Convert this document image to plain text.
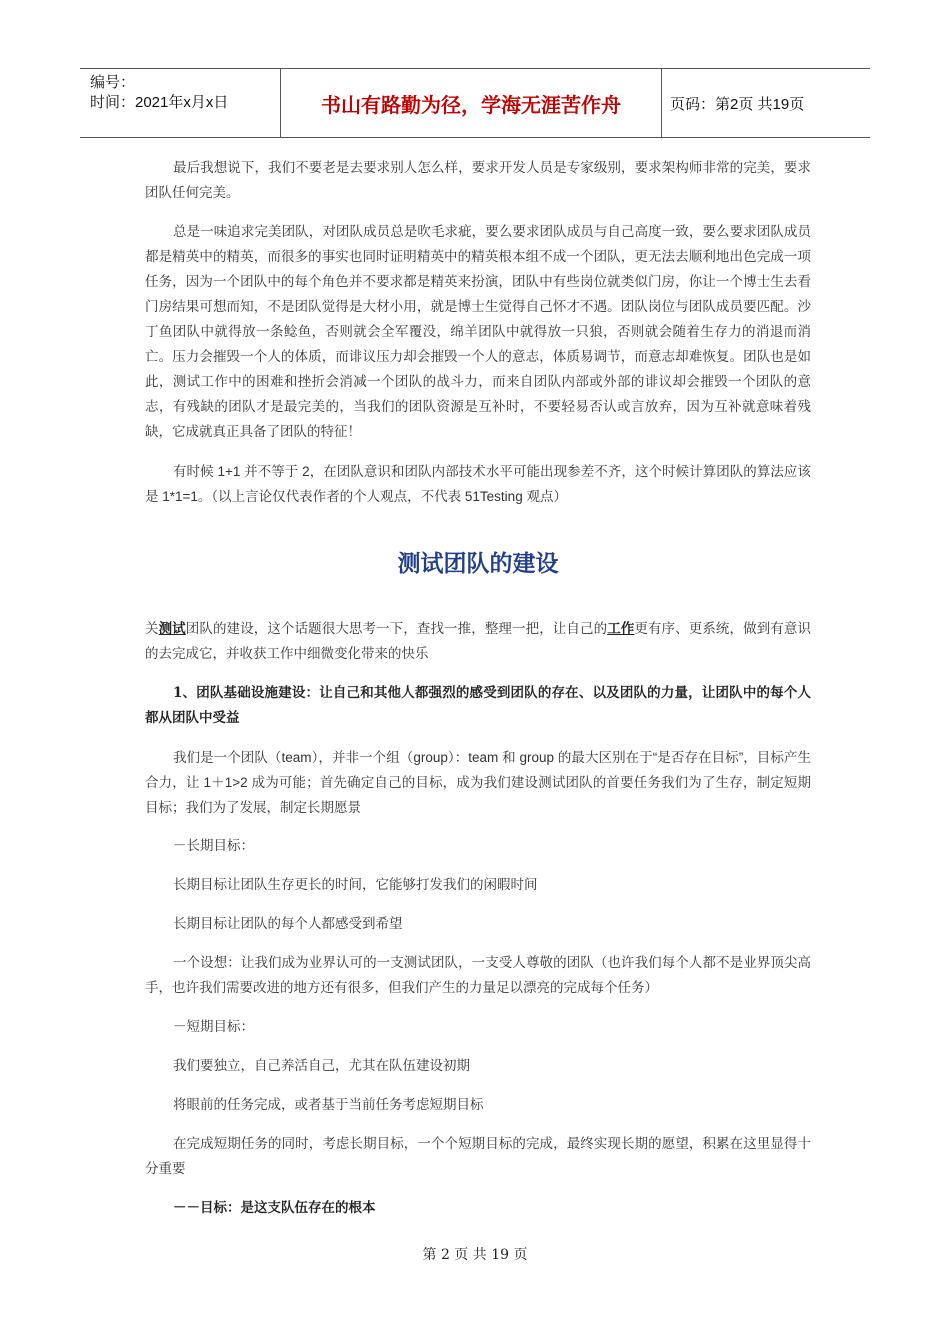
编号：
时间：2021年x月x日	书山有路勤为径，学海无涯苦作舟	页码：第2页 共19页

最后我想说下，我们不要老是去要求别人怎么样，要求开发人员是专家级别，要求架构师非常的完美，要求团队任何完美。

总是一味追求完美团队，对团队成员总是吹毛求疵，要么要求团队成员与自己高度一致，要么要求团队成员都是精英中的精英，而很多的事实也同时证明精英中的精英根本组不成一个团队，更无法去顺利地出色完成一项任务，因为一个团队中的每个角色并不要求都是精英来扮演，团队中有些岗位就类似门房，你让一个博士生去看门房结果可想而知，不是团队觉得是大材小用，就是博士生觉得自己怀才不遇。团队岗位与团队成员要匹配。沙丁鱼团队中就得放一条鲶鱼，否则就会全军覆没，绵羊团队中就得放一只狼，否则就会随着生存力的消退而消亡。压力会摧毁一个人的体质，而诽议压力却会摧毁一个人的意志，体质易调节，而意志却难恢复。团队也是如此，测试工作中的困难和挫折会消减一个团队的战斗力，而来自团队内部或外部的诽议却会摧毁一个团队的意志，有残缺的团队才是最完美的，当我们的团队资源是互补时，不要轻易否认或言放弃，因为互补就意味着残缺，它成就真正具备了团队的特征！

有时候 1+1 并不等于 2，在团队意识和团队内部技术水平可能出现参差不齐，这个时候计算团队的算法应该是 1*1=1。（以上言论仅代表作者的个人观点，不代表 51Testing 观点）

测试团队的建设

关测试团队的建设，这个话题很大思考一下，查找一推，整理一把，让自己的工作更有序、更系统，做到有意识的去完成它，并收获工作中细微变化带来的快乐

1、团队基础设施建设：让自己和其他人都强烈的感受到团队的存在、以及团队的力量，让团队中的每个人都从团队中受益

我们是一个团队（team），并非一个组（group）：team 和 group 的最大区别在于“是否存在目标”，目标产生合力，让 1＋1>2 成为可能；首先确定自己的目标，成为我们建设测试团队的首要任务我们为了生存，制定短期目标；我们为了发展，制定长期愿景

－长期目标：

长期目标让团队生存更长的时间，它能够打发我们的闲暇时间

长期目标让团队的每个人都感受到希望

一个设想：让我们成为业界认可的一支测试团队，一支受人尊敬的团队（也许我们每个人都不是业界顶尖高手，也许我们需要改进的地方还有很多，但我们产生的力量足以漂亮的完成每个任务）

－短期目标：

我们要独立，自己养活自己，尤其在队伍建设初期

将眼前的任务完成，或者基于当前任务考虑短期目标

在完成短期任务的同时，考虑长期目标，一个个短期目标的完成，最终实现长期的愿望，积累在这里显得十分重要

－－目标：是这支队伍存在的根本

第 2 页 共 19 页
